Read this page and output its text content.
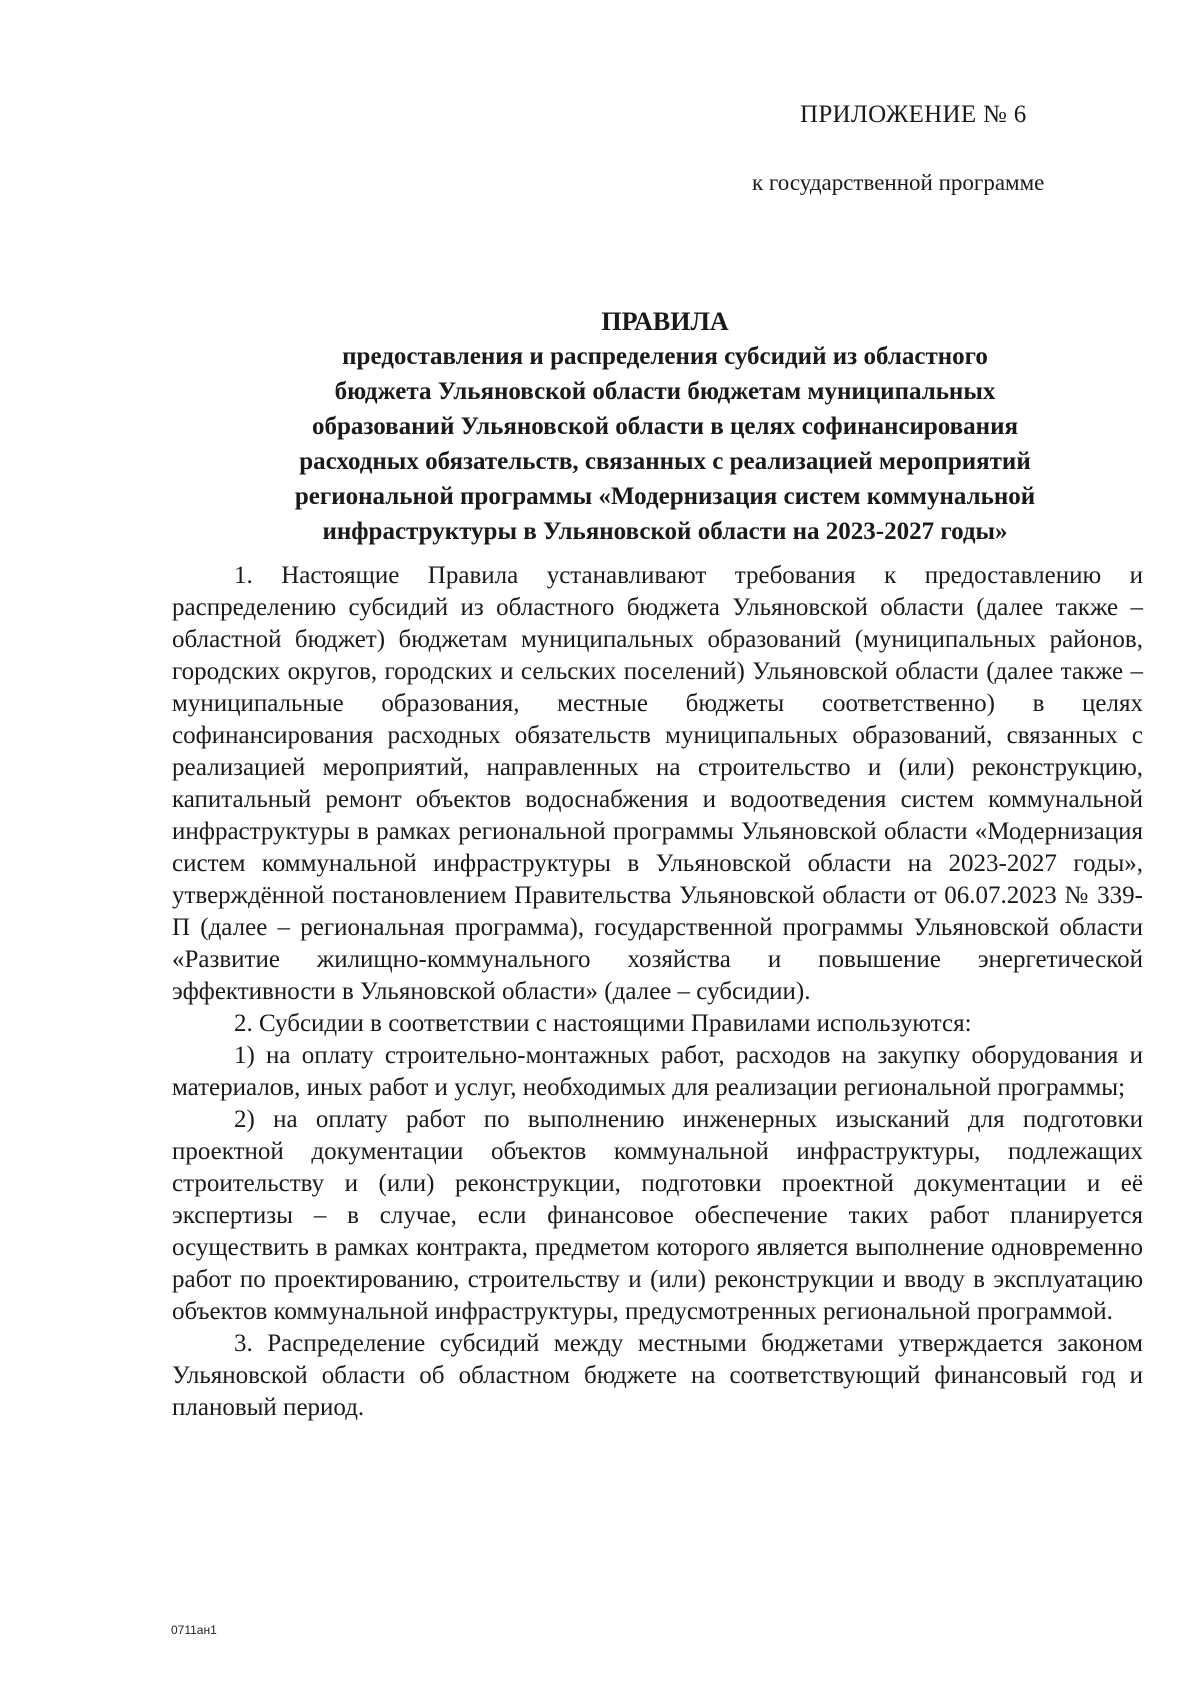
ПРИЛОЖЕНИЕ № 6
к государственной программе
ПРАВИЛА
предоставления и распределения субсидий из областного
бюджета Ульяновской области бюджетам муниципальных
образований Ульяновской области в целях софинансирования
расходных обязательств, связанных с реализацией мероприятий
региональной программы «Модернизация систем коммунальной
инфраструктуры в Ульяновской области на 2023-2027 годы»

1. Настоящие Правила устанавливают требования к предоставлению и распределению субсидий из областного бюджета Ульяновской области (далее также – областной бюджет) бюджетам муниципальных образований (муниципальных районов, городских округов, городских и сельских поселений) Ульяновской области (далее также – муниципальные образования, местные бюджеты соответственно) в целях софинансирования расходных обязательств муниципальных образований, связанных с реализацией мероприятий, направленных на строительство и (или) реконструкцию, капитальный ремонт объектов водоснабжения и водоотведения систем коммунальной инфраструктуры в рамках региональной программы Ульяновской области «Модернизация систем коммунальной инфраструктуры в Ульяновской области на 2023-2027 годы», утверждённой постановлением Правительства Ульяновской области от 06.07.2023 № 339-П (далее – региональная программа), государственной программы Ульяновской области «Развитие жилищно-коммунального хозяйства и повышение энергетической эффективности в Ульяновской области» (далее – субсидии).

2. Субсидии в соответствии с настоящими Правилами используются:

1) на оплату строительно-монтажных работ, расходов на закупку оборудования и материалов, иных работ и услуг, необходимых для реализации региональной программы;

2) на оплату работ по выполнению инженерных изысканий для подготовки проектной документации объектов коммунальной инфраструктуры, подлежащих строительству и (или) реконструкции, подготовки проектной документации и её экспертизы – в случае, если финансовое обеспечение таких работ планируется осуществить в рамках контракта, предметом которого является выполнение одновременно работ по проектированию, строительству и (или) реконструкции и вводу в эксплуатацию объектов коммунальной инфраструктуры, предусмотренных региональной программой.

3. Распределение субсидий между местными бюджетами утверждается законом Ульяновской области об областном бюджете на соответствующий финансовый год и плановый период.

0711ан1
